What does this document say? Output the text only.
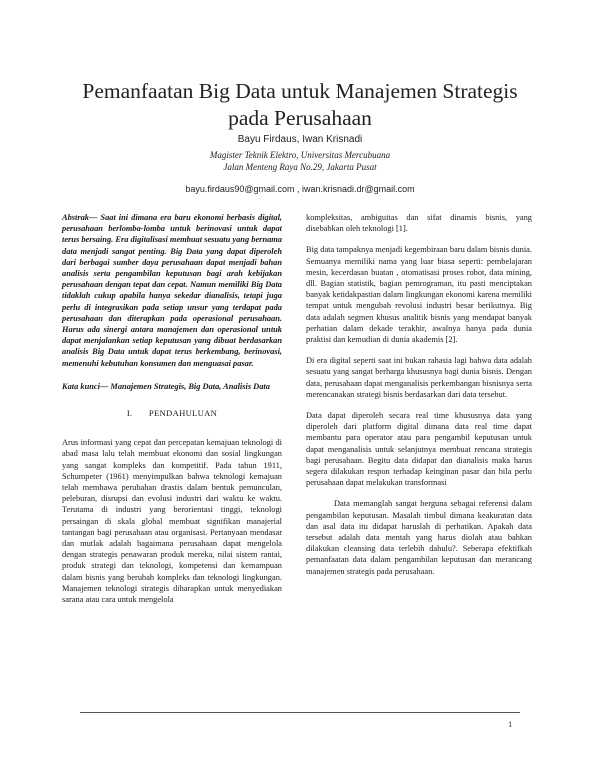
Pemanfaatan Big Data untuk Manajemen Strategis
pada Perusahaan
Bayu Firdaus, Iwan Krisnadi
Magister Teknik Elektro, Universitas Mercubuana
Jalan Menteng Raya No.29, Jakarta Pusat
bayu.firdaus90@gmail.com , iwan.krisnadi.dr@gmail.com

Abstrak— Saat ini dimana era baru ekonomi berbasis digital, perusahaan berlomba-lomba untuk berinovasi untuk dapat terus bersaing. Era digitalisasi membuat sesuatu yang bernama data menjadi sangat penting. Big Data yang dapat diperoleh dari berbagai sumber daya perusahaan dapat menjadi bahan analisis serta pengambilan keputusan bagi arah kebijakan perusahaan dengan tepat dan cepat. Namun memiliki Big Data tidaklah cukup apabila hanya sekedar dianalisis, tetapi juga perlu di integrasikan pada setiap unsur yang terdapat pada perusahaan dan diterapkan pada operasional perusahaan. Harus ada sinergi antara manajemen dan operasional untuk dapat menjalankan setiap keputusan yang dibuat berdasarkan analisis Big Data untuk dapat terus berkembang, berinovasi, memenuhi kebutuhan konsumen dan menguasai pasar.

Kata kunci— Manajemen Strategis, Big Data, Analisis Data

I. PENDAHULUAN

Arus informasi yang cepat dan percepatan kemajuan teknologi di abad masa lalu telah membuat ekonomi dan sosial lingkungan yang sangat kompleks dan kompetitif. Pada tahun 1911, Schumpeter (1961) menyimpulkan bahwa teknologi kemajuan telah membawa perubahan drastis dalam bentuk pemunculan, peleburan, disrupsi dan evolusi industri dari waktu ke waktu. Terutama di industri yang berorientasi tinggi, teknologi persaingan di skala global membuat signifikan manajerial tantangan bagi perusahaan atau organisasi. Pertanyaan mendasar dan mutlak adalah bagaimana perusahaan dapat mengelola dengan strategis penawaran produk mereka, nilai sistem rantai, produk strategi dan teknologi, kompetensi dan kemampuan dalam bisnis yang berubah kompleks dan teknologi lingkungan. Manajemen teknologi strategis diharapkan untuk menyediakan sarana atau cara untuk mengelola

kompleksitas, ambiguitas dan sifat dinamis bisnis, yang disebabkan oleh teknologi [1].

Big data tampaknya menjadi kegembiraan baru dalam bisnis dunia. Semuanya memiliki nama yang luar biasa seperti: pembelajaran mesin, kecerdasan buatan , otomatisasi proses robot, data mining, dll. Bagian statistik, bagian pemrograman, itu pasti menciptakan banyak ketidakpastian dalam lingkungan ekonomi karena memiliki tempat untuk mengubah revolusi industri besar berikutnya. Big data adalah segmen khusus analitik bisnis yang mendapat banyak perhatian dalam dekade terakhir, awalnya hanya pada dunia praktisi dan kemudian di dunia akademis [2].

Di era digital seperti saat ini bukan rahasia lagi bahwa data adalah sesuatu yang sangat berharga khususnya bagi dunia bisnis. Dengan data, perusahaan dapat menganalisis perkembangan bisnisnya serta merencanakan strategi bisnis berdasarkan dari data tersebut.

Data dapat diperoleh secara real time khususnya data yang diperoleh dari platform digital dimana data real time dapat membantu para operator atau para pengambil keputusan untuk dapat menganalisis untuk selanjutnya membuat rencana strategis bagi perusahaan. Begitu data didapat dan dianalisis maka harus segera dilakukan respon terhadap keinginan pasar dan bila perlu perusahaan dapat melakukan transformasi

Data memanglah sangat berguna sebagai referensi dalam pengambilan keputusan. Masalah timbul dimana keakuratan data dan asal data itu didapat haruslah di perhatikan. Apakah data tersebut adalah data mentah yang harus diolah atau bahkan dilakukan cleansing data terlebih dahulu?. Seberapa efektifkah pemanfaatan data dalam pengambilan keputusan dan merancang manajemen strategis pada perusahaan.

1
